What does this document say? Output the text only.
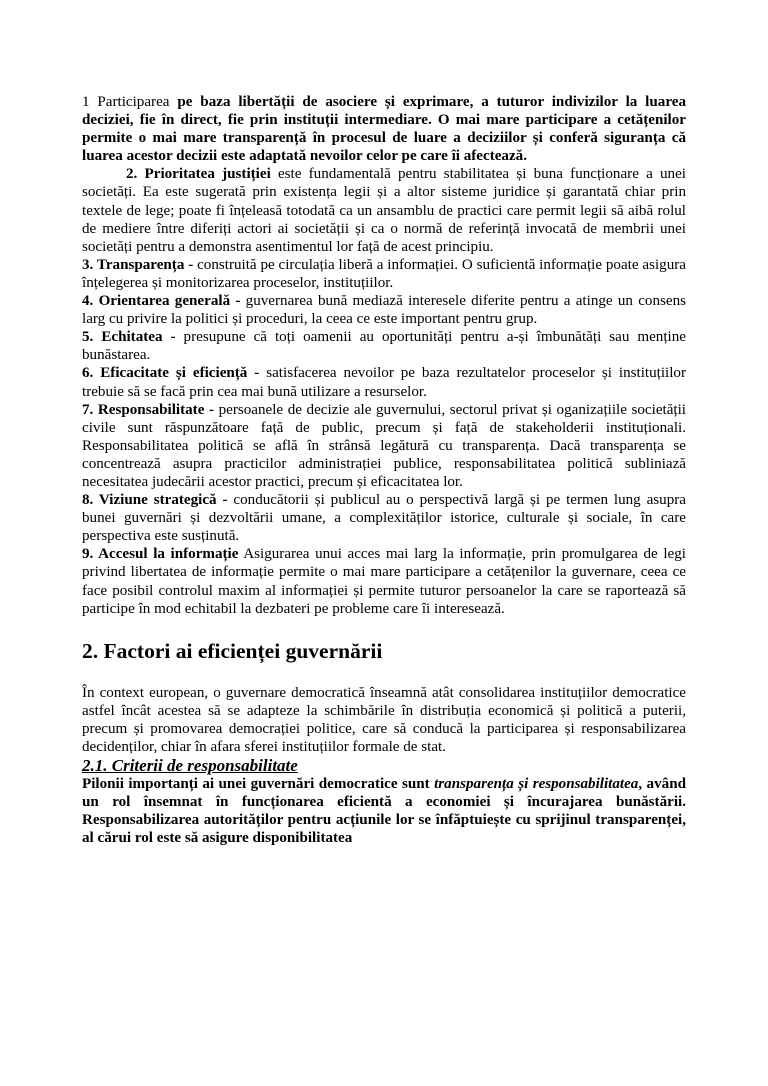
1 Participarea pe baza libertății de asociere și exprimare, a tuturor indivizilor la luarea deciziei, fie în direct, fie prin instituții intermediare. O mai mare participare a cetățenilor permite o mai mare transparență în procesul de luare a deciziilor și conferă siguranța că luarea acestor decizii este adaptată nevoilor celor pe care îi afectează.

2. Prioritatea justiției este fundamentală pentru stabilitatea și buna funcționare a unei societăți. Ea este sugerată prin existența legii și a altor sisteme juridice și garantată chiar prin textele de lege; poate fi înțeleasă totodată ca un ansamblu de practici care permit legii să aibă rolul de mediere între diferiți actori ai societății și ca o normă de referință invocată de membrii unei societăți pentru a demonstra asentimentul lor față de acest principiu.

3. Transparența - construită pe circulația liberă a informației. O suficientă informație poate asigura înțelegerea și monitorizarea proceselor, instituțiilor.

4. Orientarea generală - guvernarea bună mediază interesele diferite pentru a atinge un consens larg cu privire la politici și proceduri, la ceea ce este important pentru grup.

5. Echitatea - presupune că toți oamenii au oportunități pentru a-și îmbunătăți sau menține bunăstarea.

6. Eficacitate și eficiență - satisfacerea nevoilor pe baza rezultatelor proceselor și instituțiilor trebuie să se facă prin cea mai bună utilizare a resurselor.

7. Responsabilitate - persoanele de decizie ale guvernului, sectorul privat și oganizațiile societății civile sunt răspunzătoare față de public, precum și față de stakeholderii instituționali. Responsabilitatea politică se află în strânsă legătură cu transparența. Dacă transparența se concentrează asupra practicilor administrației publice, responsabilitatea politică subliniază necesitatea judecării acestor practici, precum și eficacitatea lor.

8. Viziune strategică - conducătorii și publicul au o perspectivă largă și pe termen lung asupra bunei guvernări și dezvoltării umane, a complexităților istorice, culturale și sociale, în care perspectiva este susținută.

9. Accesul la informație Asigurarea unui acces mai larg la informație, prin promulgarea de legi privind libertatea de informație permite o mai mare participare a cetățenilor la guvernare, ceea ce face posibil controlul maxim al informației și permite tuturor persoanelor la care se raportează să participe în mod echitabil la dezbateri pe probleme care îi interesează.

2. Factori ai eficienței guvernării

În context european, o guvernare democratică înseamnă atât consolidarea instituțiilor democratice astfel încât acestea să se adapteze la schimbările în distribuția economică și politică a puterii, precum și promovarea democrației politice, care să conducă la participarea și responsabilizarea decidenților, chiar în afara sferei instituțiilor formale de stat.

2.1. Criterii de responsabilitate

Pilonii importanți ai unei guvernări democratice sunt transparența și responsabilitatea, având un rol însemnat în funcționarea eficientă a economiei și încurajarea bunăstării. Responsabilizarea autorităților pentru acțiunile lor se înfăptuiește cu sprijinul transparenței, al cărui rol este să asigure disponibilitatea
